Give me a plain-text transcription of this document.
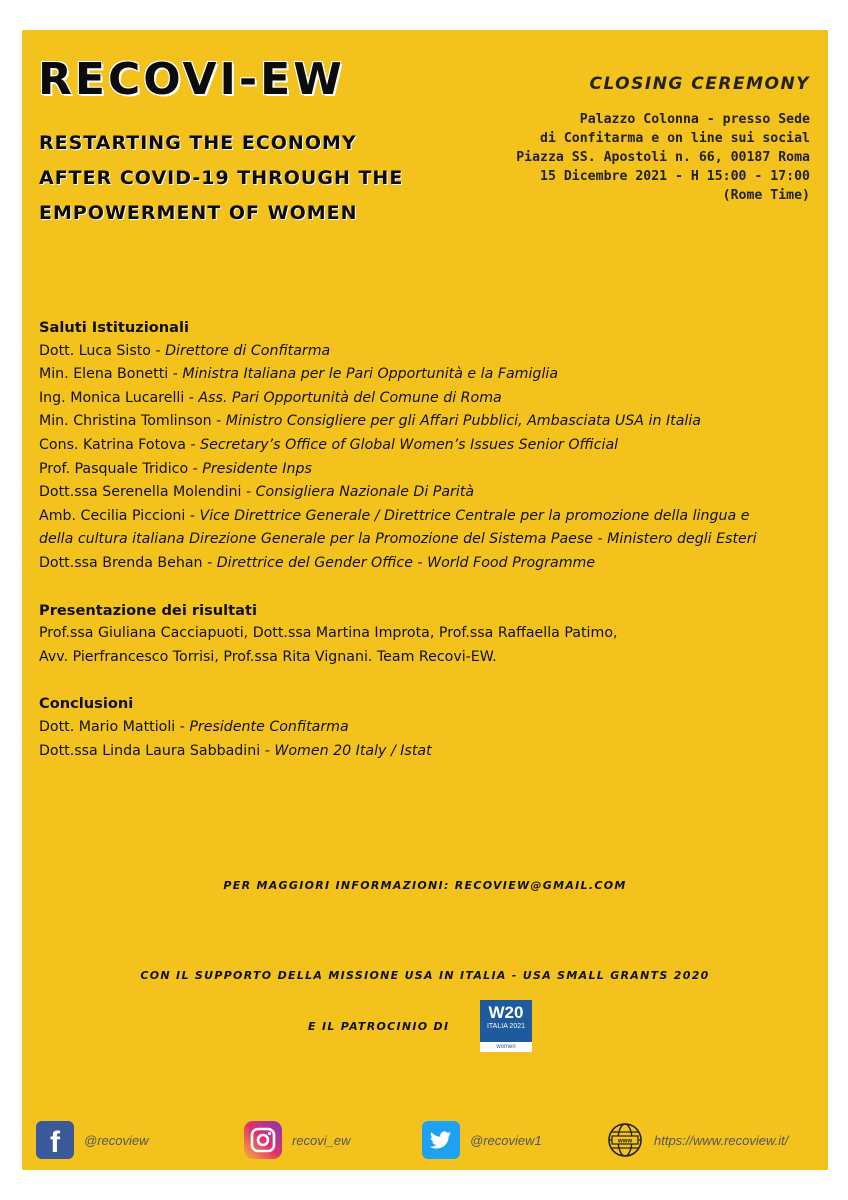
RECOVI-EW
RESTARTING THE ECONOMY
AFTER COVID-19 THROUGH THE
EMPOWERMENT OF WOMEN
CLOSING CEREMONY
Palazzo Colonna - presso Sede
di Confitarma e on line sui social
Piazza SS. Apostoli n. 66, 00187 Roma
15 Dicembre 2021 - H 15:00 - 17:00
(Rome Time)
Saluti Istituzionali
Dott. Luca Sisto - Direttore di Confitarma
Min. Elena Bonetti - Ministra Italiana per le Pari Opportunità e la Famiglia
Ing. Monica Lucarelli - Ass. Pari Opportunità del Comune di Roma
Min. Christina Tomlinson - Ministro Consigliere per gli Affari Pubblici, Ambasciata USA in Italia
Cons. Katrina Fotova - Secretary’s Office of Global Women’s Issues Senior Official
Prof. Pasquale Tridico - Presidente Inps
Dott.ssa Serenella Molendini - Consigliera Nazionale Di Parità
Amb. Cecilia Piccioni - Vice Direttrice Generale / Direttrice Centrale per la promozione della lingua e
della cultura italiana Direzione Generale per la Promozione del Sistema Paese - Ministero degli Esteri
Dott.ssa Brenda Behan - Direttrice del Gender Office - World Food Programme
Presentazione dei risultati
Prof.ssa Giuliana Cacciapuoti, Dott.ssa Martina Improta, Prof.ssa Raffaella Patimo,
Avv. Pierfrancesco Torrisi, Prof.ssa Rita Vignani. Team Recovi-EW.
Conclusioni
Dott. Mario Mattioli - Presidente Confitarma
Dott.ssa Linda Laura Sabbadini - Women 20 Italy / Istat
PER MAGGIORI INFORMAZIONI: RECOVIEW@GMAIL.COM
CON IL SUPPORTO DELLA MISSIONE USA IN ITALIA - USA SMALL GRANTS 2020
E IL PATROCINIO DI
W20
ITALIA 2021
women
f @recoview	recovi_ew	@recoview1	www https://www.recoview.it/
